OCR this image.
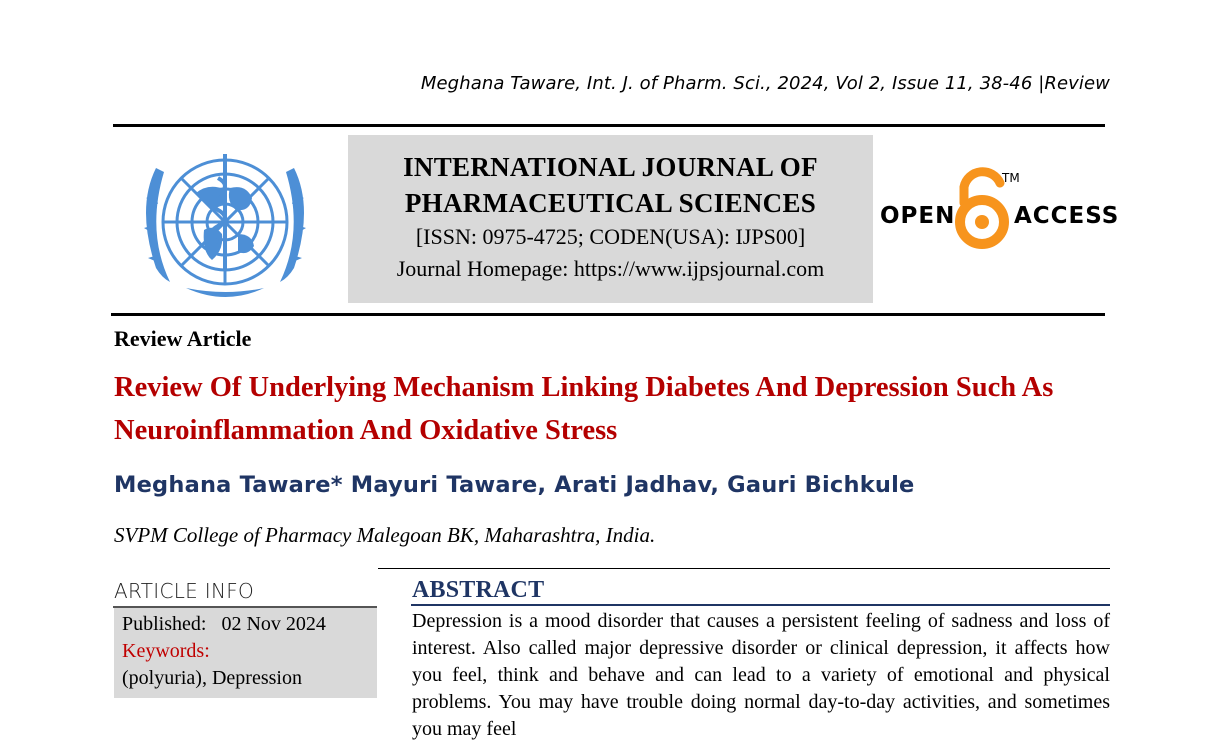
Meghana Taware, Int. J. of Pharm. Sci., 2024, Vol 2, Issue 11, 38-46 |Review
INTERNATIONAL JOURNAL OF
PHARMACEUTICAL SCIENCES
[ISSN: 0975-4725; CODEN(USA): IJPS00]
Journal Homepage: https://www.ijpsjournal.com
OPEN	ACCESS
TM
Review Article
Review Of Underlying Mechanism Linking Diabetes And Depression Such As Neuroinflammation And Oxidative Stress
Meghana Taware* Mayuri Taware, Arati Jadhav, Gauri Bichkule
SVPM College of Pharmacy Malegoan BK, Maharashtra, India.
ARTICLE INFO
Published: 02 Nov 2024
Keywords:
(polyuria), Depression
ABSTRACT
Depression is a mood disorder that causes a persistent feeling of sadness and loss of interest. Also called major depressive disorder or clinical depression, it affects how you feel, think and behave and can lead to a variety of emotional and physical problems. You may have trouble doing normal day-to-day activities, and sometimes you may feel
